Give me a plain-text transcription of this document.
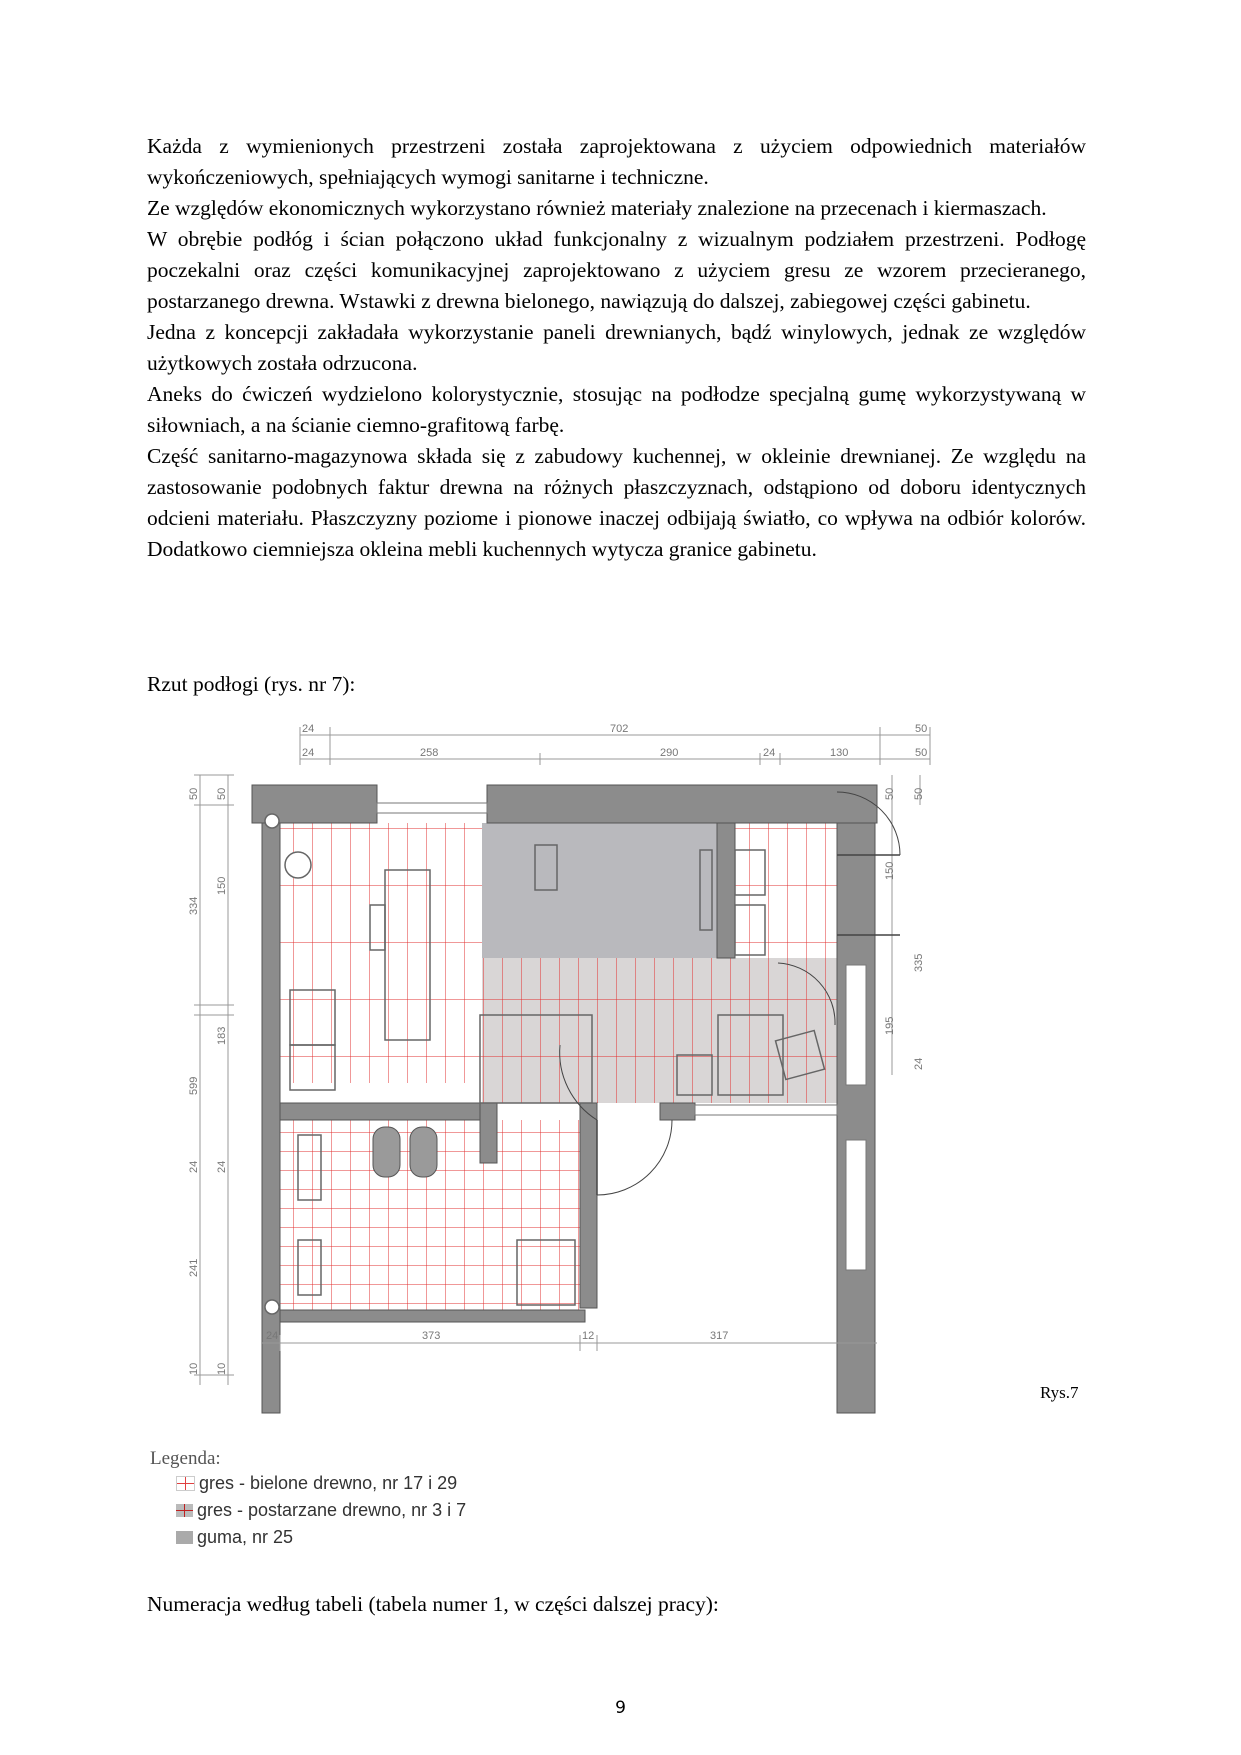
Każda z wymienionych przestrzeni została zaprojektowana z użyciem odpowiednich materiałów wykończeniowych, spełniających wymogi sanitarne i techniczne.

Ze względów ekonomicznych wykorzystano również materiały znalezione na przecenach i kiermaszach.

W obrębie podłóg i ścian połączono układ funkcjonalny z wizualnym podziałem przestrzeni. Podłogę poczekalni oraz części komunikacyjnej zaprojektowano z użyciem gresu ze wzorem przecieranego, postarzanego drewna. Wstawki z drewna bielonego, nawiązują do dalszej, zabiegowej części gabinetu.

Jedna z koncepcji zakładała wykorzystanie paneli drewnianych, bądź winylowych, jednak ze względów użytkowych została odrzucona.

Aneks do ćwiczeń wydzielono kolorystycznie, stosując na podłodze specjalną gumę wykorzystywaną w siłowniach, a na ścianie ciemno-grafitową farbę.

Część sanitarno-magazynowa składa się z zabudowy kuchennej, w okleinie drewnianej. Ze względu na zastosowanie podobnych faktur drewna na różnych płaszczyznach, odstąpiono od doboru identycznych odcieni materiału. Płaszczyzny poziome i pionowe inaczej odbijają światło, co wpływa na odbiór kolorów. Dodatkowo ciemniejsza okleina mebli kuchennych wytycza granice gabinetu.

Rzut podłogi (rys. nr 7):
24	702	50
24	258	290	24	130	50
50
334
599
24
241
10
50
150
183
24
10
50
150
335
195
24
50
24	373	12	317
Rys.7
Legenda:
gres - bielone drewno, nr 17 i 29
gres - postarzane drewno, nr 3 i 7
guma, nr 25
Numeracja według tabeli (tabela numer 1, w części dalszej pracy):
9
